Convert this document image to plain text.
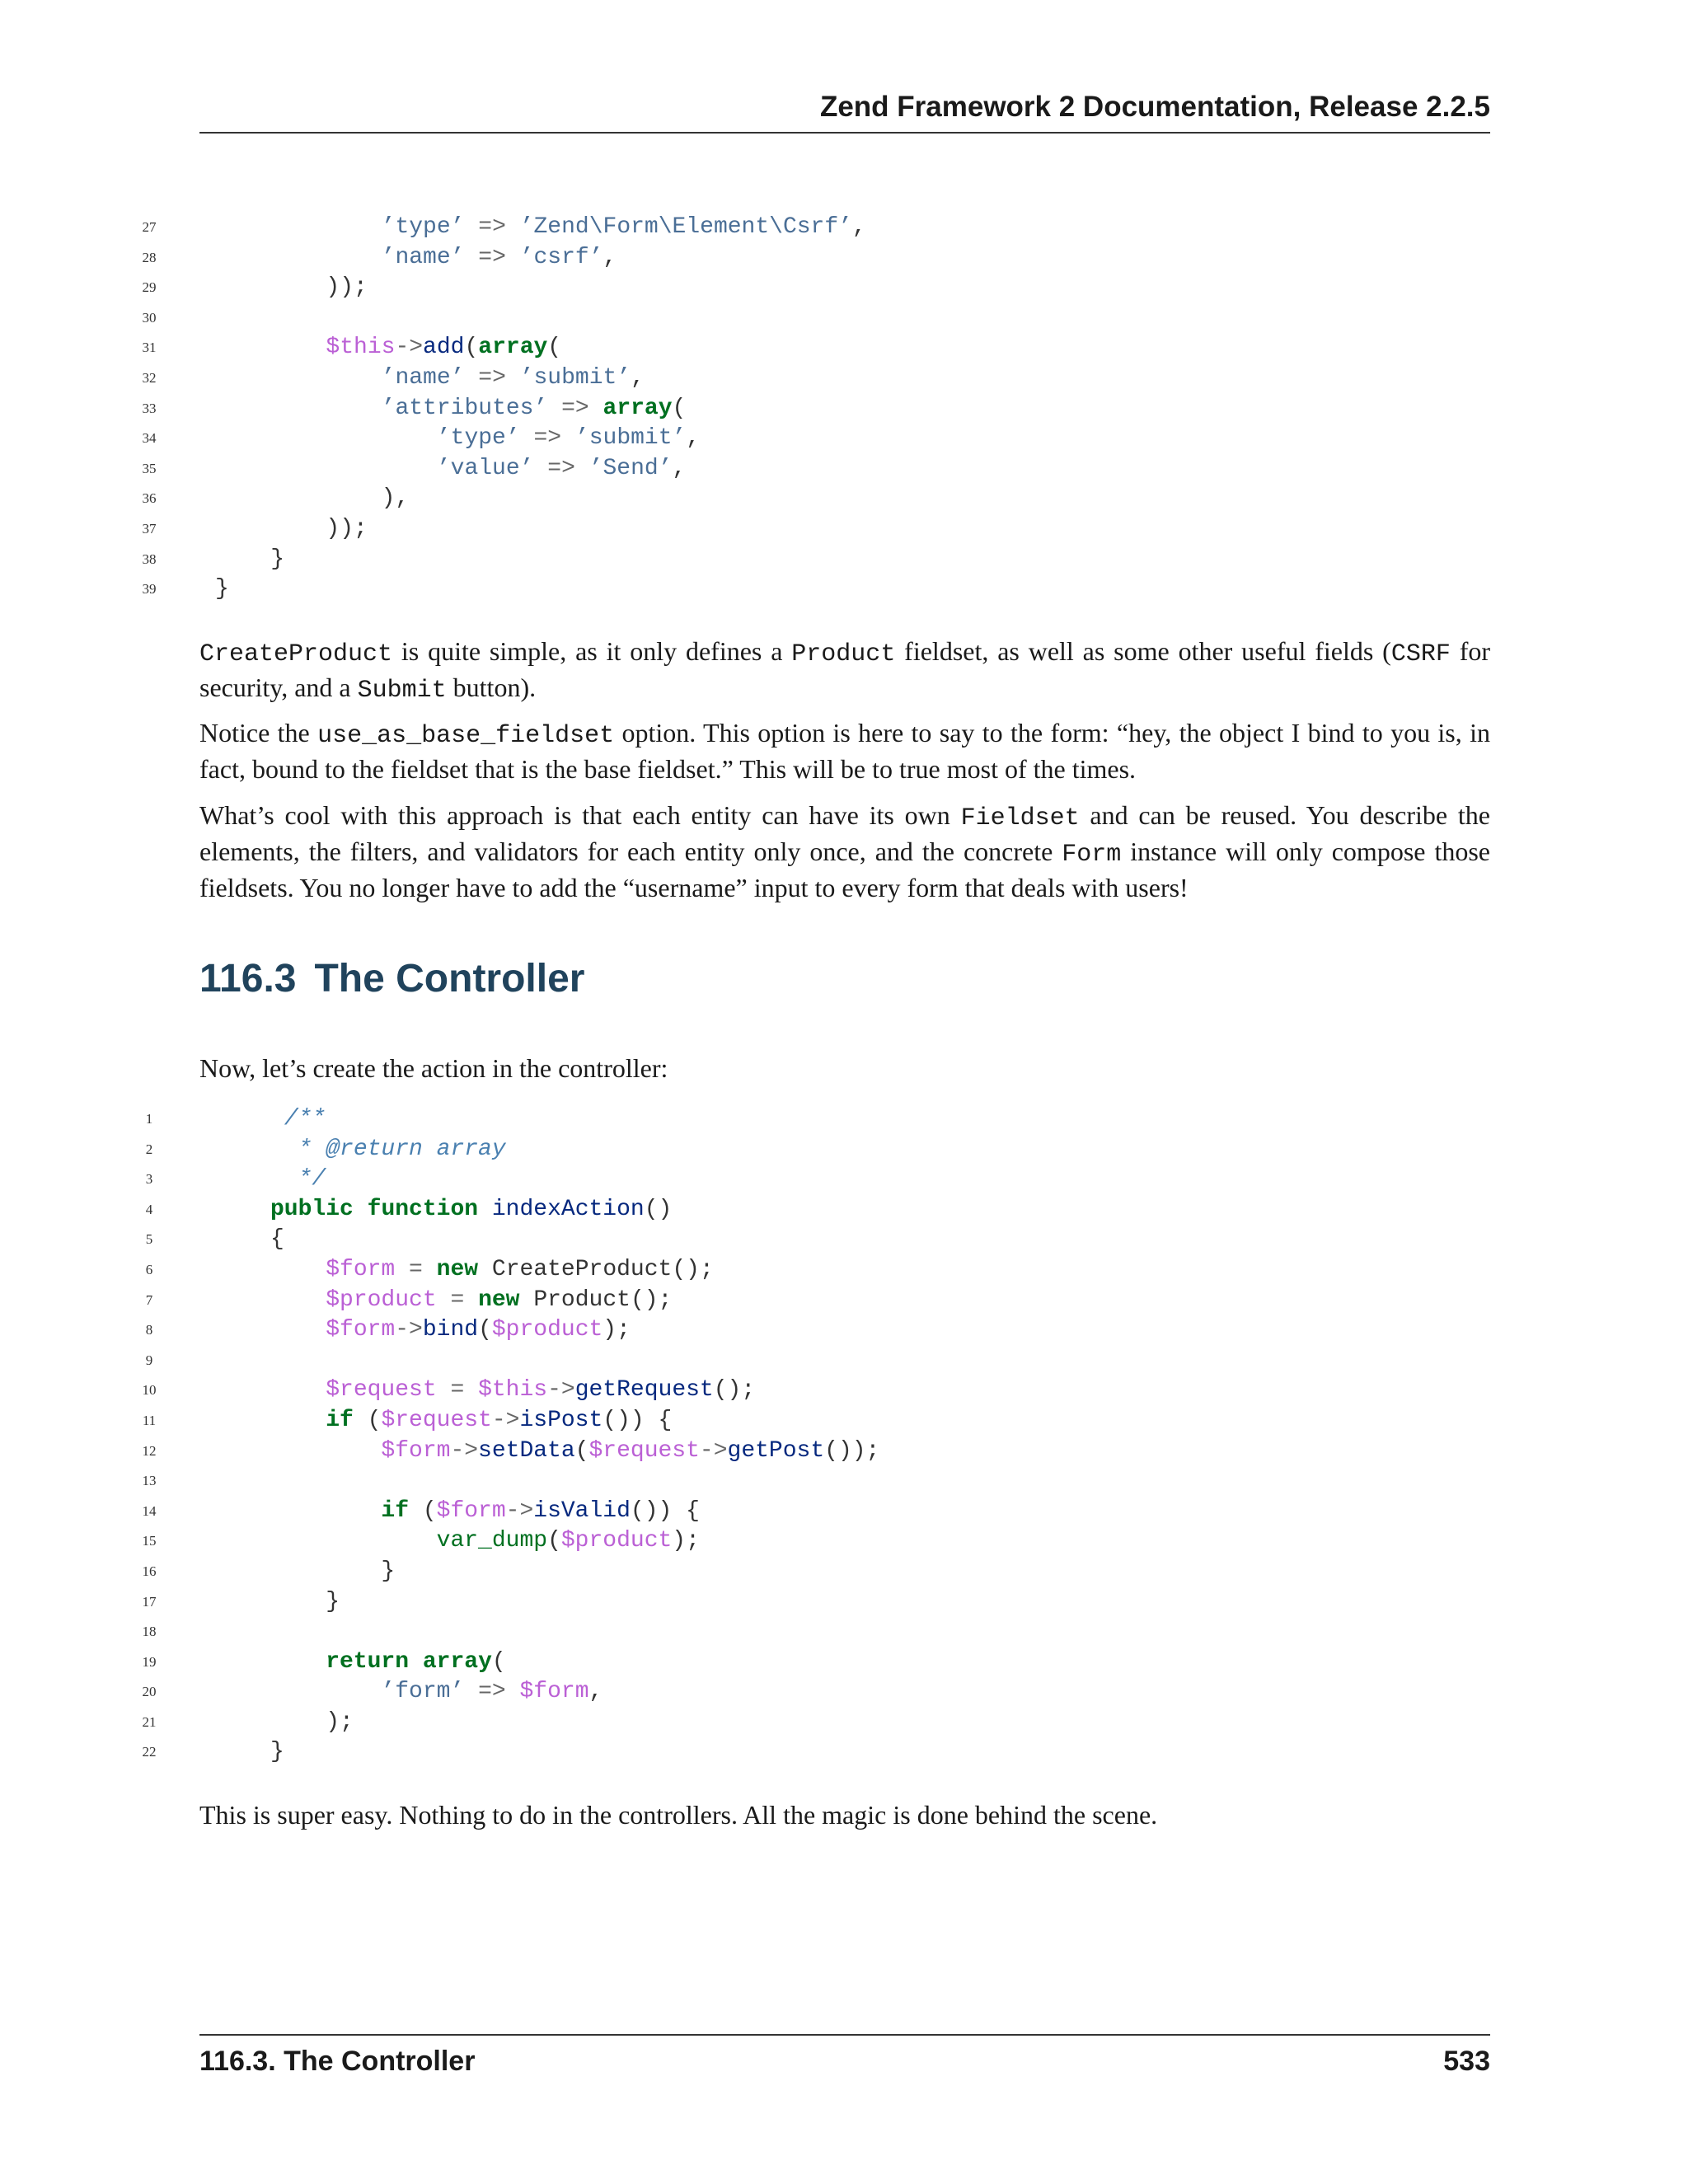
Zend Framework 2 Documentation, Release 2.2.5
27	’type’ => ’Zend\Form\Element\Csrf’,
28	’name’ => ’csrf’,
29	));
30
31	$this->add(array(
32	’name’ => ’submit’,
33	’attributes’ => array(
34	’type’ => ’submit’,
35	’value’ => ’Send’,
36	),
37	));
38	}
39	}

CreateProduct is quite simple, as it only defines a Product fieldset, as well as some other useful fields (CSRF for security, and a Submit button).

Notice the use_as_base_fieldset option. This option is here to say to the form: “hey, the object I bind to you is, in fact, bound to the fieldset that is the base fieldset.” This will be to true most of the times.

What’s cool with this approach is that each entity can have its own Fieldset and can be reused. You describe the elements, the filters, and validators for each entity only once, and the concrete Form instance will only compose those fieldsets. You no longer have to add the “username” input to every form that deals with users!

116.3 The Controller

Now, let’s create the action in the controller:

1	/**
2	* @return array
3	*/
4	public function indexAction()
5	{
6	$form = new CreateProduct();
7	$product = new Product();
8	$form->bind($product);
9
10	$request = $this->getRequest();
11	if ($request->isPost()) {
12	$form->setData($request->getPost());
13
14	if ($form->isValid()) {
15	var_dump($product);
16	}
17	}
18
19	return array(
20	’form’ => $form,
21	);
22	}

This is super easy. Nothing to do in the controllers. All the magic is done behind the scene.

116.3. The Controller	533
